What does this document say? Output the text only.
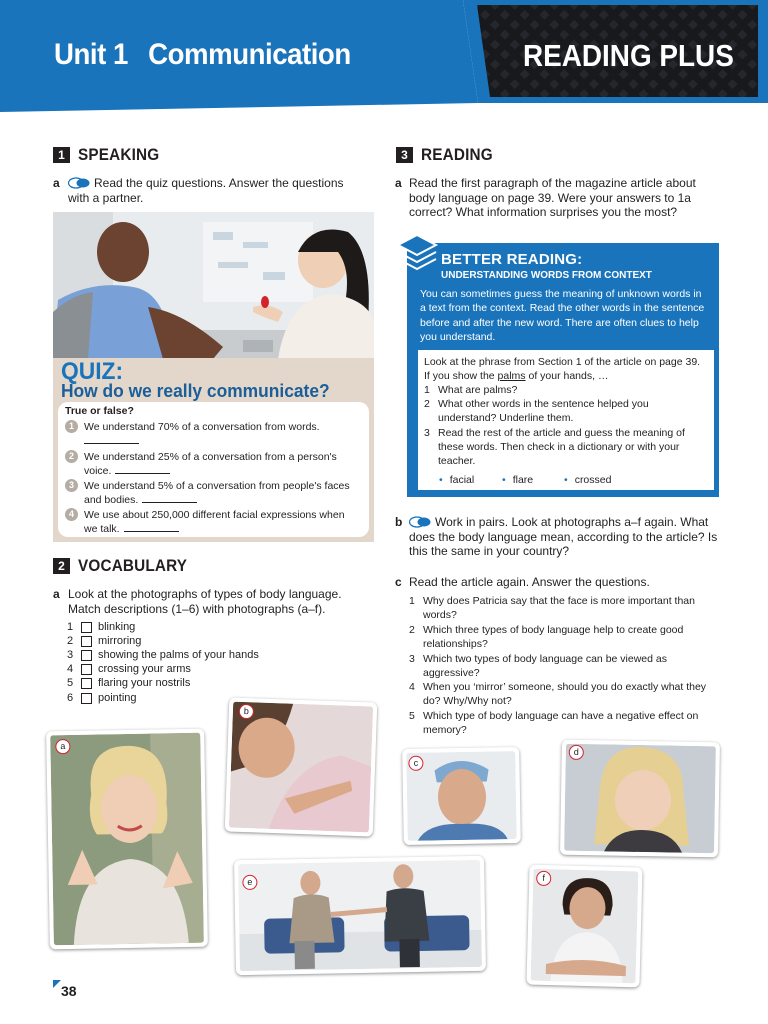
Unit 1 Communication	READING PLUS
1 SPEAKING
a	Read the quiz questions. Answer the questions with a partner.
QUIZ:
How do we really communicate?
True or false?
1 We understand 70% of a conversation from words.

2 We understand 25% of a conversation from a person's voice.
3 We understand 5% of a conversation from people's faces and bodies.
4 We use about 250,000 different facial expressions when we talk.
2 VOCABULARY
a Look at the photographs of types of body language. Match descriptions (1–6) with photographs (a–f).
1 blinking
2 mirroring
3 showing the palms of your hands
4 crossing your arms
5 flaring your nostrils
6 pointing
3 READING
a Read the first paragraph of the magazine article about body language on page 39. Were your answers to 1a correct? What information surprises you the most?
BETTER READING:
UNDERSTANDING WORDS FROM CONTEXT
You can sometimes guess the meaning of unknown words in a text from the context. Read the other words in the sentence before and after the new word. There are often clues to help you understand.
Look at the phrase from Section 1 of the article on page 39.
If you show the palms of your hands, …
1 What are palms?
2 What other words in the sentence helped you understand? Underline them.
3 Read the rest of the article and guess the meaning of these words. Then check in a dictionary or with your teacher.
• facial	• flare	• crossed
b	Work in pairs. Look at photographs a–f again. What does the body language mean, according to the article? Is this the same in your country?
c Read the article again. Answer the questions.
1 Why does Patricia say that the face is more important than words?
2 Which three types of body language help to create good relationships?
3 Which two types of body language can be viewed as aggressive?
4 When you ‘mirror’ someone, should you do exactly what they do? Why/Why not?
5 Which type of body language can have a negative effect on memory?
a
b
c
d
e	f
38
